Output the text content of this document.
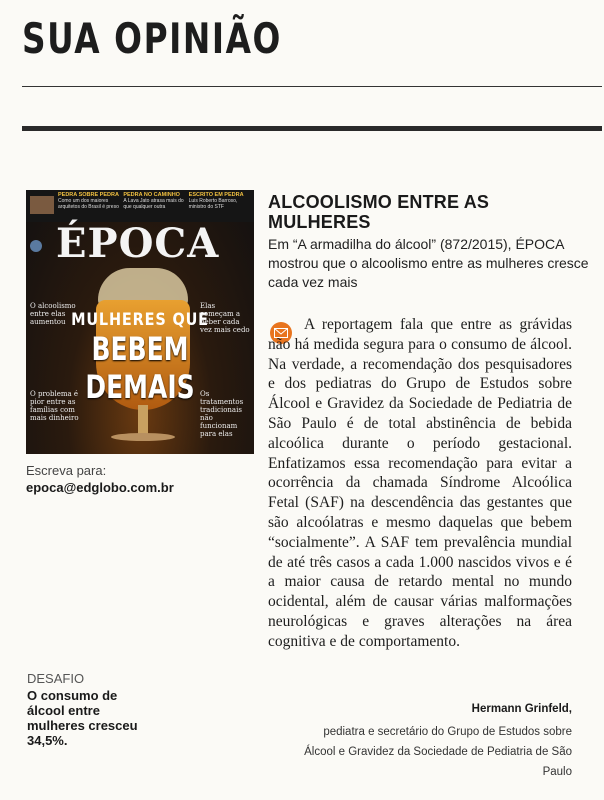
SUA OPINIÃO
PEDRA SOBRE PEDRA
Como um dos maiores arquitetos do Brasil é preso
PEDRA NO CAMINHO
A Lava Jato atrasa mais do que qualquer outra
ESCRITO EM PEDRA
Luis Roberto Barroso, ministro do STF
ÉPOCA
MULHERES QUE
BEBEM DEMAIS
O alcoolismo entre elas aumentou
O problema é pior entre as famílias com mais dinheiro
Elas começam a beber cada vez mais cedo
Os tratamentos tradicionais não funcionam para elas
Escreva para:
epoca@edglobo.com.br
DESAFIO
O consumo de álcool entre mulheres cresceu 34,5%.
ALCOOLISMO ENTRE AS MULHERES
Em “A armadilha do álcool” (872/2015), ÉPOCA mostrou que o alcoolismo entre as mulheres cresce cada vez mais

A reportagem fala que entre as grávidas não há medida segura para o consumo de álcool. Na verdade, a recomendação dos pesquisadores e dos pediatras do Grupo de Estudos sobre Álcool e Gravidez da Sociedade de Pediatria de São Paulo é de total abstinência de bebida alcoólica durante o período gestacional. Enfatizamos essa recomendação para evitar a ocorrência da chamada Síndrome Alcoólica Fetal (SAF) na descendência das gestantes que são alcoólatras e mesmo daquelas que bebem “socialmente”. A SAF tem prevalência mundial de até três casos a cada 1.000 nascidos vivos e é a maior causa de retardo mental no mundo ocidental, além de causar várias malformações neurológicas e graves alterações na área cognitiva e de comportamento.

Hermann Grinfeld,
pediatra e secretário do Grupo de Estudos sobre Álcool e Gravidez da Sociedade de Pediatria de São Paulo
